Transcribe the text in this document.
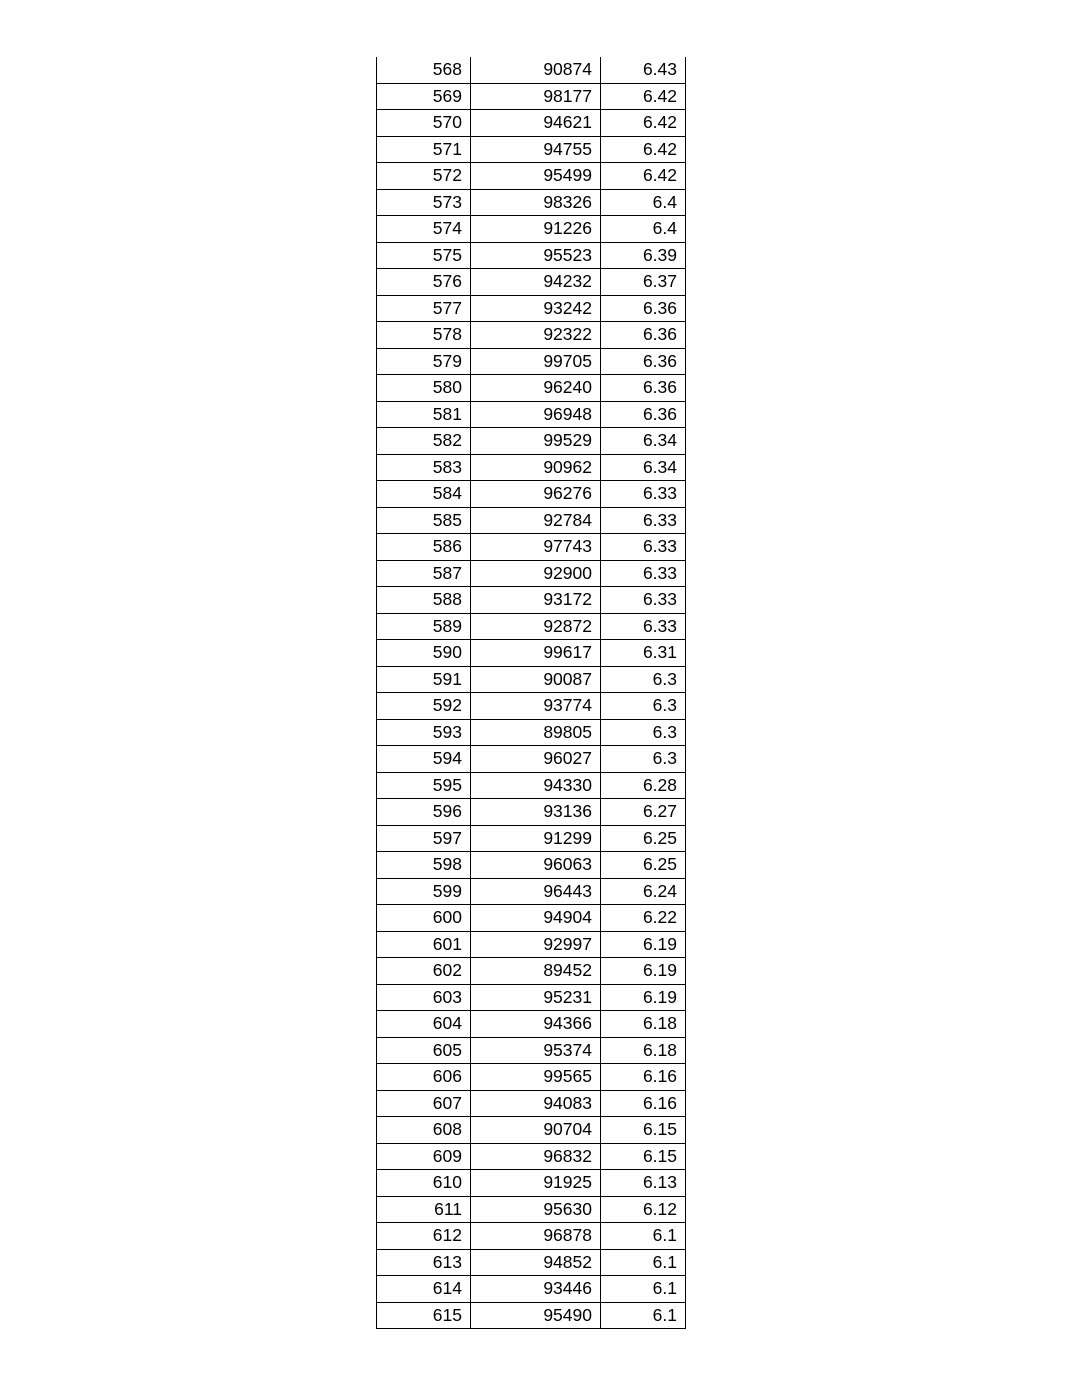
568	90874	6.43
569	98177	6.42
570	94621	6.42
571	94755	6.42
572	95499	6.42
573	98326	6.4
574	91226	6.4
575	95523	6.39
576	94232	6.37
577	93242	6.36
578	92322	6.36
579	99705	6.36
580	96240	6.36
581	96948	6.36
582	99529	6.34
583	90962	6.34
584	96276	6.33
585	92784	6.33
586	97743	6.33
587	92900	6.33
588	93172	6.33
589	92872	6.33
590	99617	6.31
591	90087	6.3
592	93774	6.3
593	89805	6.3
594	96027	6.3
595	94330	6.28
596	93136	6.27
597	91299	6.25
598	96063	6.25
599	96443	6.24
600	94904	6.22
601	92997	6.19
602	89452	6.19
603	95231	6.19
604	94366	6.18
605	95374	6.18
606	99565	6.16
607	94083	6.16
608	90704	6.15
609	96832	6.15
610	91925	6.13
611	95630	6.12
612	96878	6.1
613	94852	6.1
614	93446	6.1
615	95490	6.1
